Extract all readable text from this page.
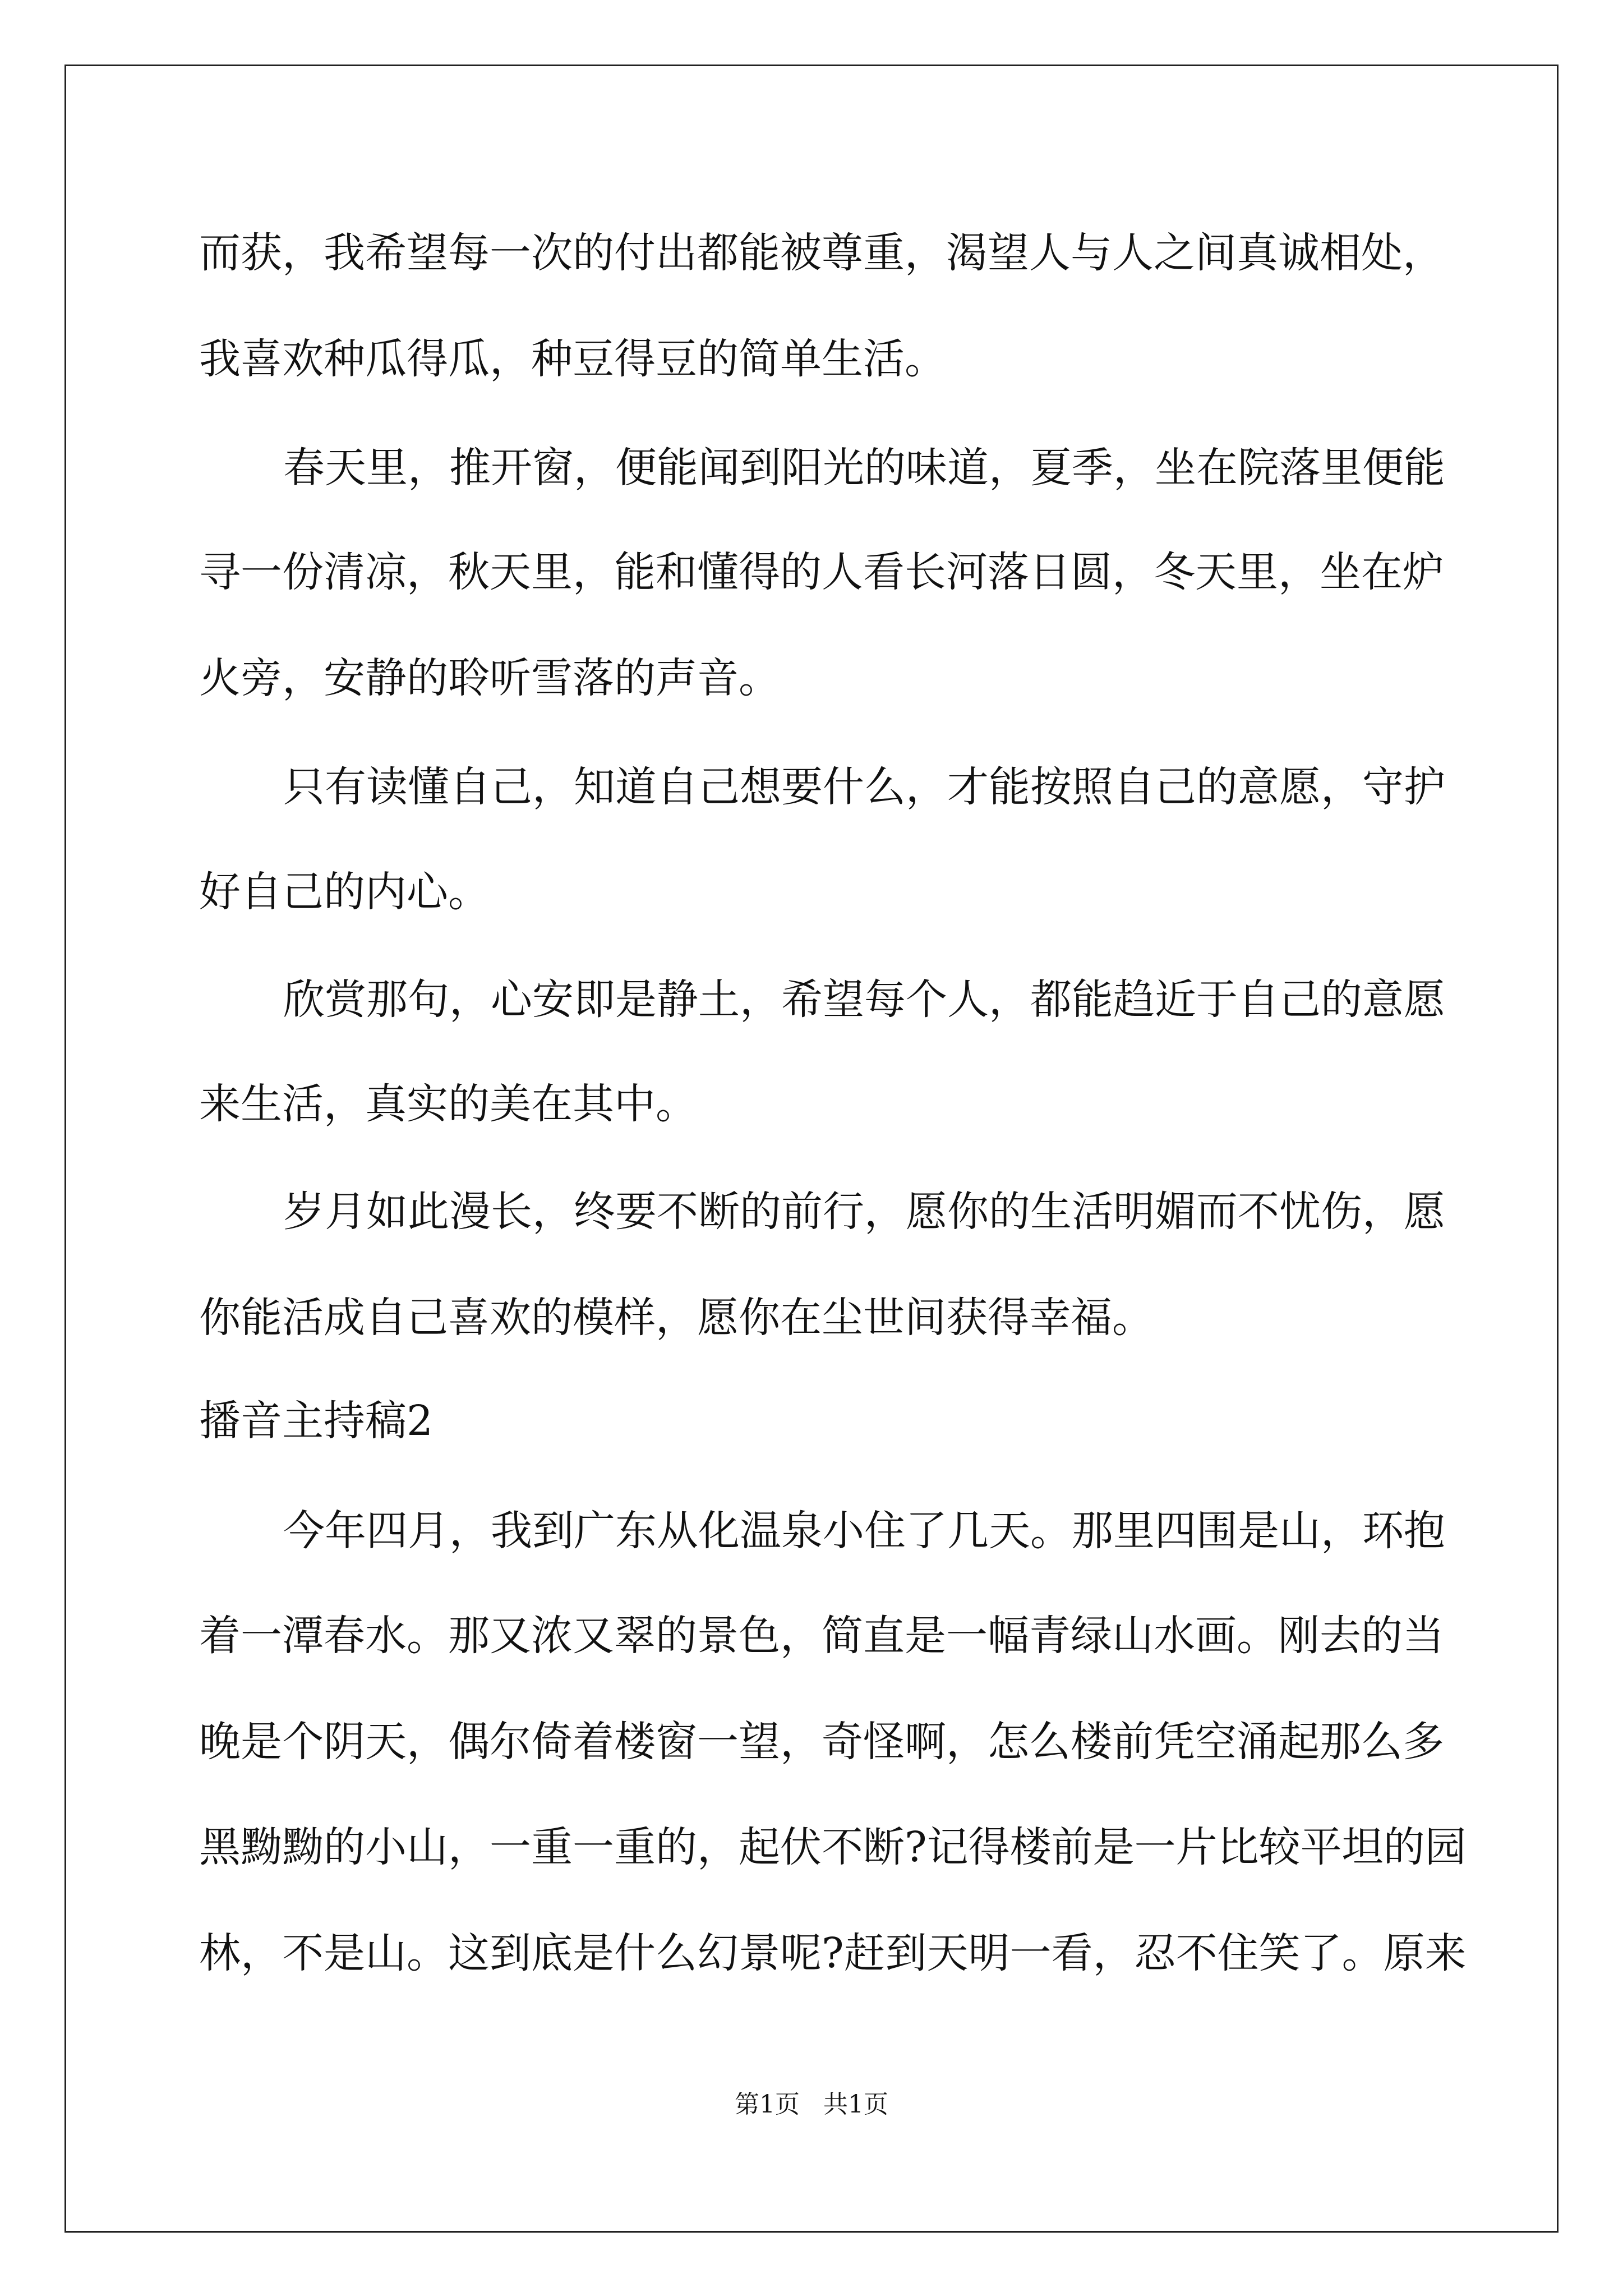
而获，我希望每一次的付出都能被尊重，渴望人与人之间真诚相处，
我喜欢种瓜得瓜，种豆得豆的简单生活。
春天里，推开窗，便能闻到阳光的味道，夏季，坐在院落里便能
寻一份清凉，秋天里，能和懂得的人看长河落日圆，冬天里，坐在炉
火旁，安静的聆听雪落的声音。
只有读懂自己，知道自己想要什么，才能按照自己的意愿，守护
好自己的内心。
欣赏那句，心安即是静土，希望每个人，都能趋近于自己的意愿
来生活，真实的美在其中。
岁月如此漫长，终要不断的前行，愿你的生活明媚而不忧伤，愿
你能活成自己喜欢的模样，愿你在尘世间获得幸福。
播音主持稿2
今年四月，我到广东从化温泉小住了几天。那里四围是山，环抱
着一潭春水。那又浓又翠的景色，简直是一幅青绿山水画。刚去的当
晚是个阴天，偶尔倚着楼窗一望，奇怪啊，怎么楼前凭空涌起那么多
黑黝黝的小山，一重一重的，起伏不断?记得楼前是一片比较平坦的园
林，不是山。这到底是什么幻景呢?赶到天明一看，忍不住笑了。原来
第1页   共1页
